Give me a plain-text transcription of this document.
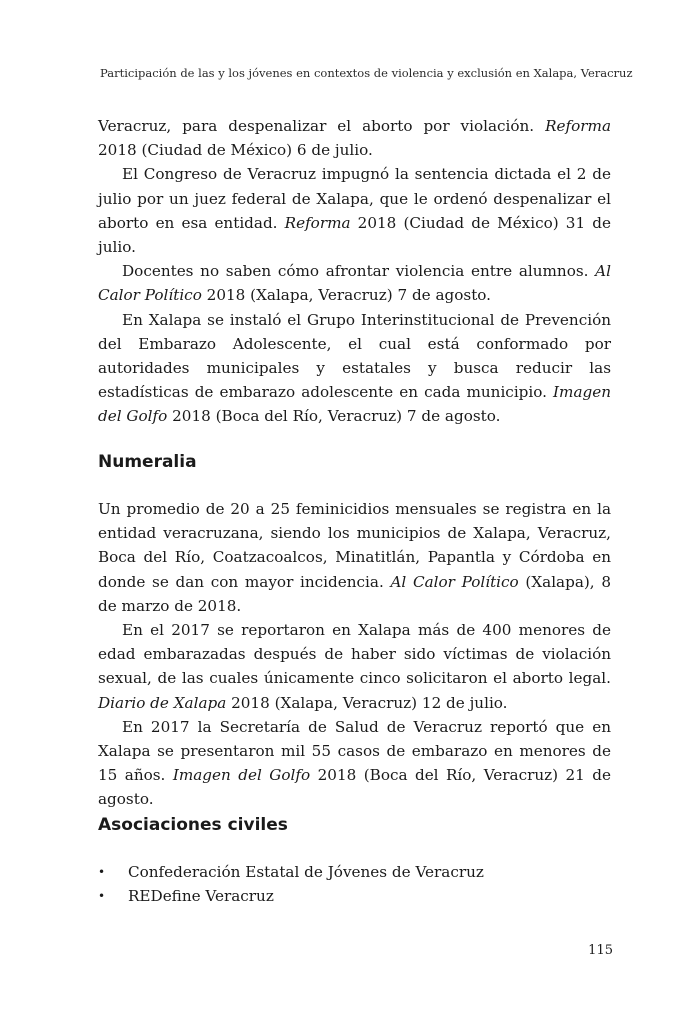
Participación de las y los jóvenes en contextos de violencia y exclusión en Xalapa, Veracruz

Veracruz, para despenalizar el aborto por violación. Reforma 2018 (Ciudad de México) 6 de julio.

El Congreso de Veracruz impugnó la sentencia dictada el 2 de julio por un juez federal de Xalapa, que le ordenó despenalizar el aborto en esa entidad. Reforma 2018 (Ciudad de México) 31 de julio.

Docentes no saben cómo afrontar violencia entre alumnos. Al Calor Político 2018 (Xalapa, Veracruz) 7 de agosto.

En Xalapa se instaló el Grupo Interinstitucional de Prevención del Embarazo Adolescente, el cual está conformado por autoridades municipales y estatales y busca reducir las estadísticas de embarazo adolescente en cada municipio. Imagen del Golfo 2018 (Boca del Río, Veracruz) 7 de agosto.

Numeralia

Un promedio de 20 a 25 feminicidios mensuales se registra en la entidad veracruzana, siendo los municipios de Xalapa, Veracruz, Boca del Río, Coatzacoalcos, Minatitlán, Papantla y Córdoba en donde se dan con mayor incidencia. Al Calor Político (Xalapa), 8 de marzo de 2018.

En el 2017 se reportaron en Xalapa más de 400 menores de edad embarazadas después de haber sido víctimas de violación sexual, de las cuales únicamente cinco solicitaron el aborto legal. Diario de Xalapa 2018 (Xalapa, Veracruz) 12 de julio.

En 2017 la Secretaría de Salud de Veracruz reportó que en Xalapa se presentaron mil 55 casos de embarazo en menores de 15 años. Imagen del Golfo 2018 (Boca del Río, Veracruz) 21 de agosto.

Asociaciones civiles
• Confederación Estatal de Jóvenes de Veracruz
• REDefine Veracruz
115
